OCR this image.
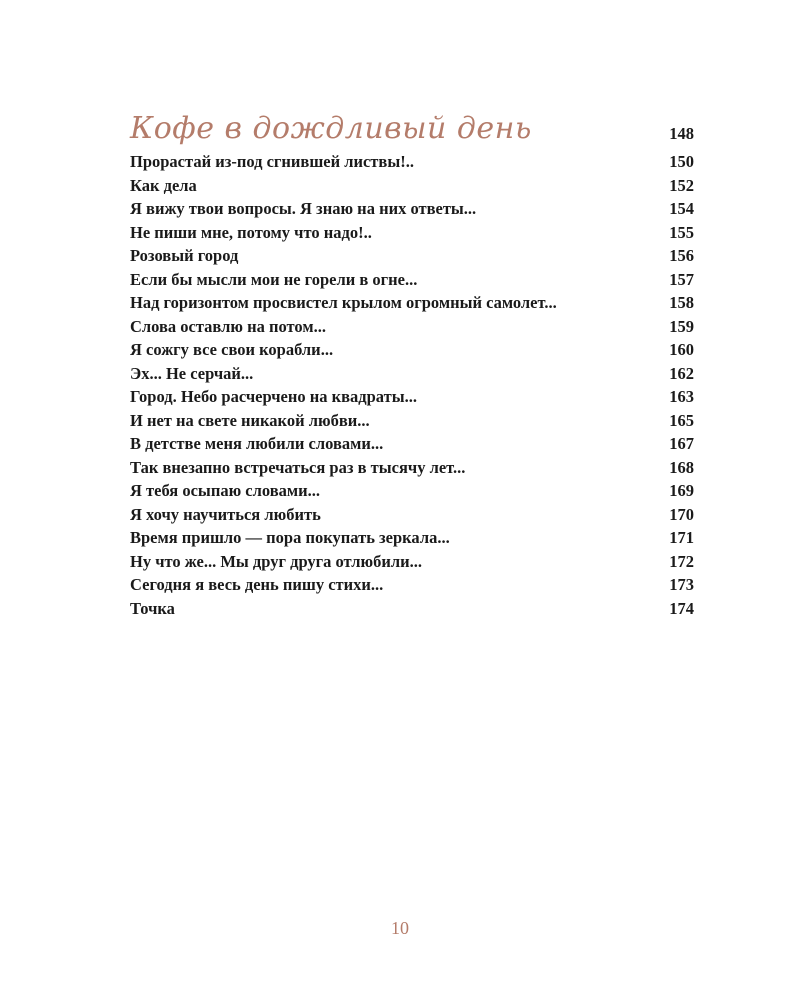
Кофе в дождливый день	148
Прорастай из-под сгнившей листвы!..	150
Как дела	152
Я вижу твои вопросы. Я знаю на них ответы...	154
Не пиши мне, потому что надо!..	155
Розовый город	156
Если бы мысли мои не горели в огне...	157
Над горизонтом просвистел крылом огромный самолет...	158
Слова оставлю на потом...	159
Я сожгу все свои корабли...	160
Эх... Не серчай...	162
Город. Небо расчерчено на квадраты...	163
И нет на свете никакой любви...	165
В детстве меня любили словами...	167
Так внезапно встречаться раз в тысячу лет...	168
Я тебя осыпаю словами...	169
Я хочу научиться любить	170
Время пришло — пора покупать зеркала...	171
Ну что же... Мы друг друга отлюбили...	172
Сегодня я весь день пишу стихи...	173
Точка	174
10
